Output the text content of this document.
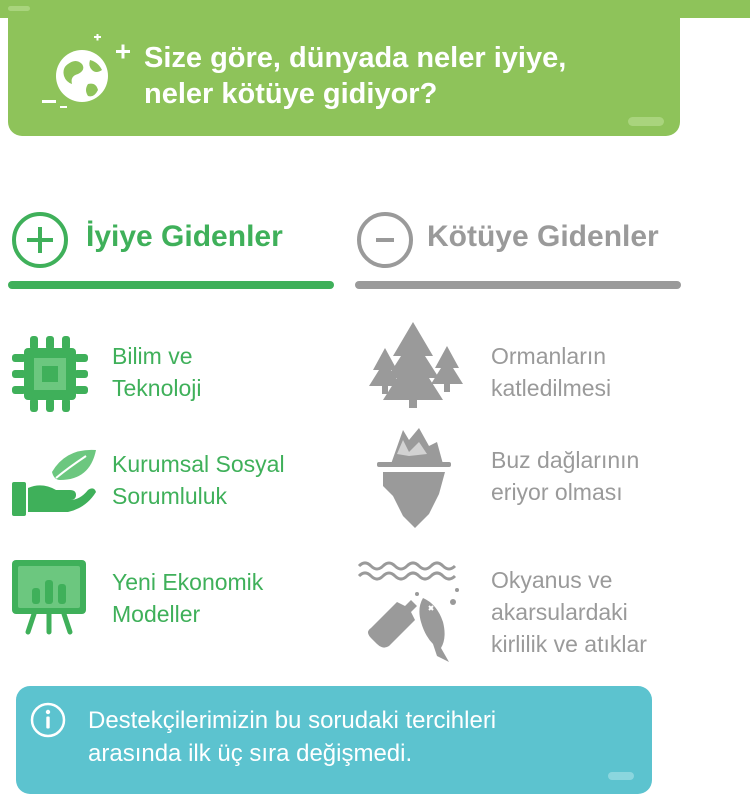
Size göre, dünyada neler iyiye,
neler kötüye gidiyor?
İyiye Gidenler	Kötüye Gidenler
Bilim ve
Teknoloji
Kurumsal Sosyal
Sorumluluk
Yeni Ekonomik
Modeller
Ormanların
katledilmesi
Buz dağlarının
eriyor olması
Okyanus ve
akarsulardaki
kirlilik ve atıklar
Destekçilerimizin bu sorudaki tercihleri
arasında ilk üç sıra değişmedi.
